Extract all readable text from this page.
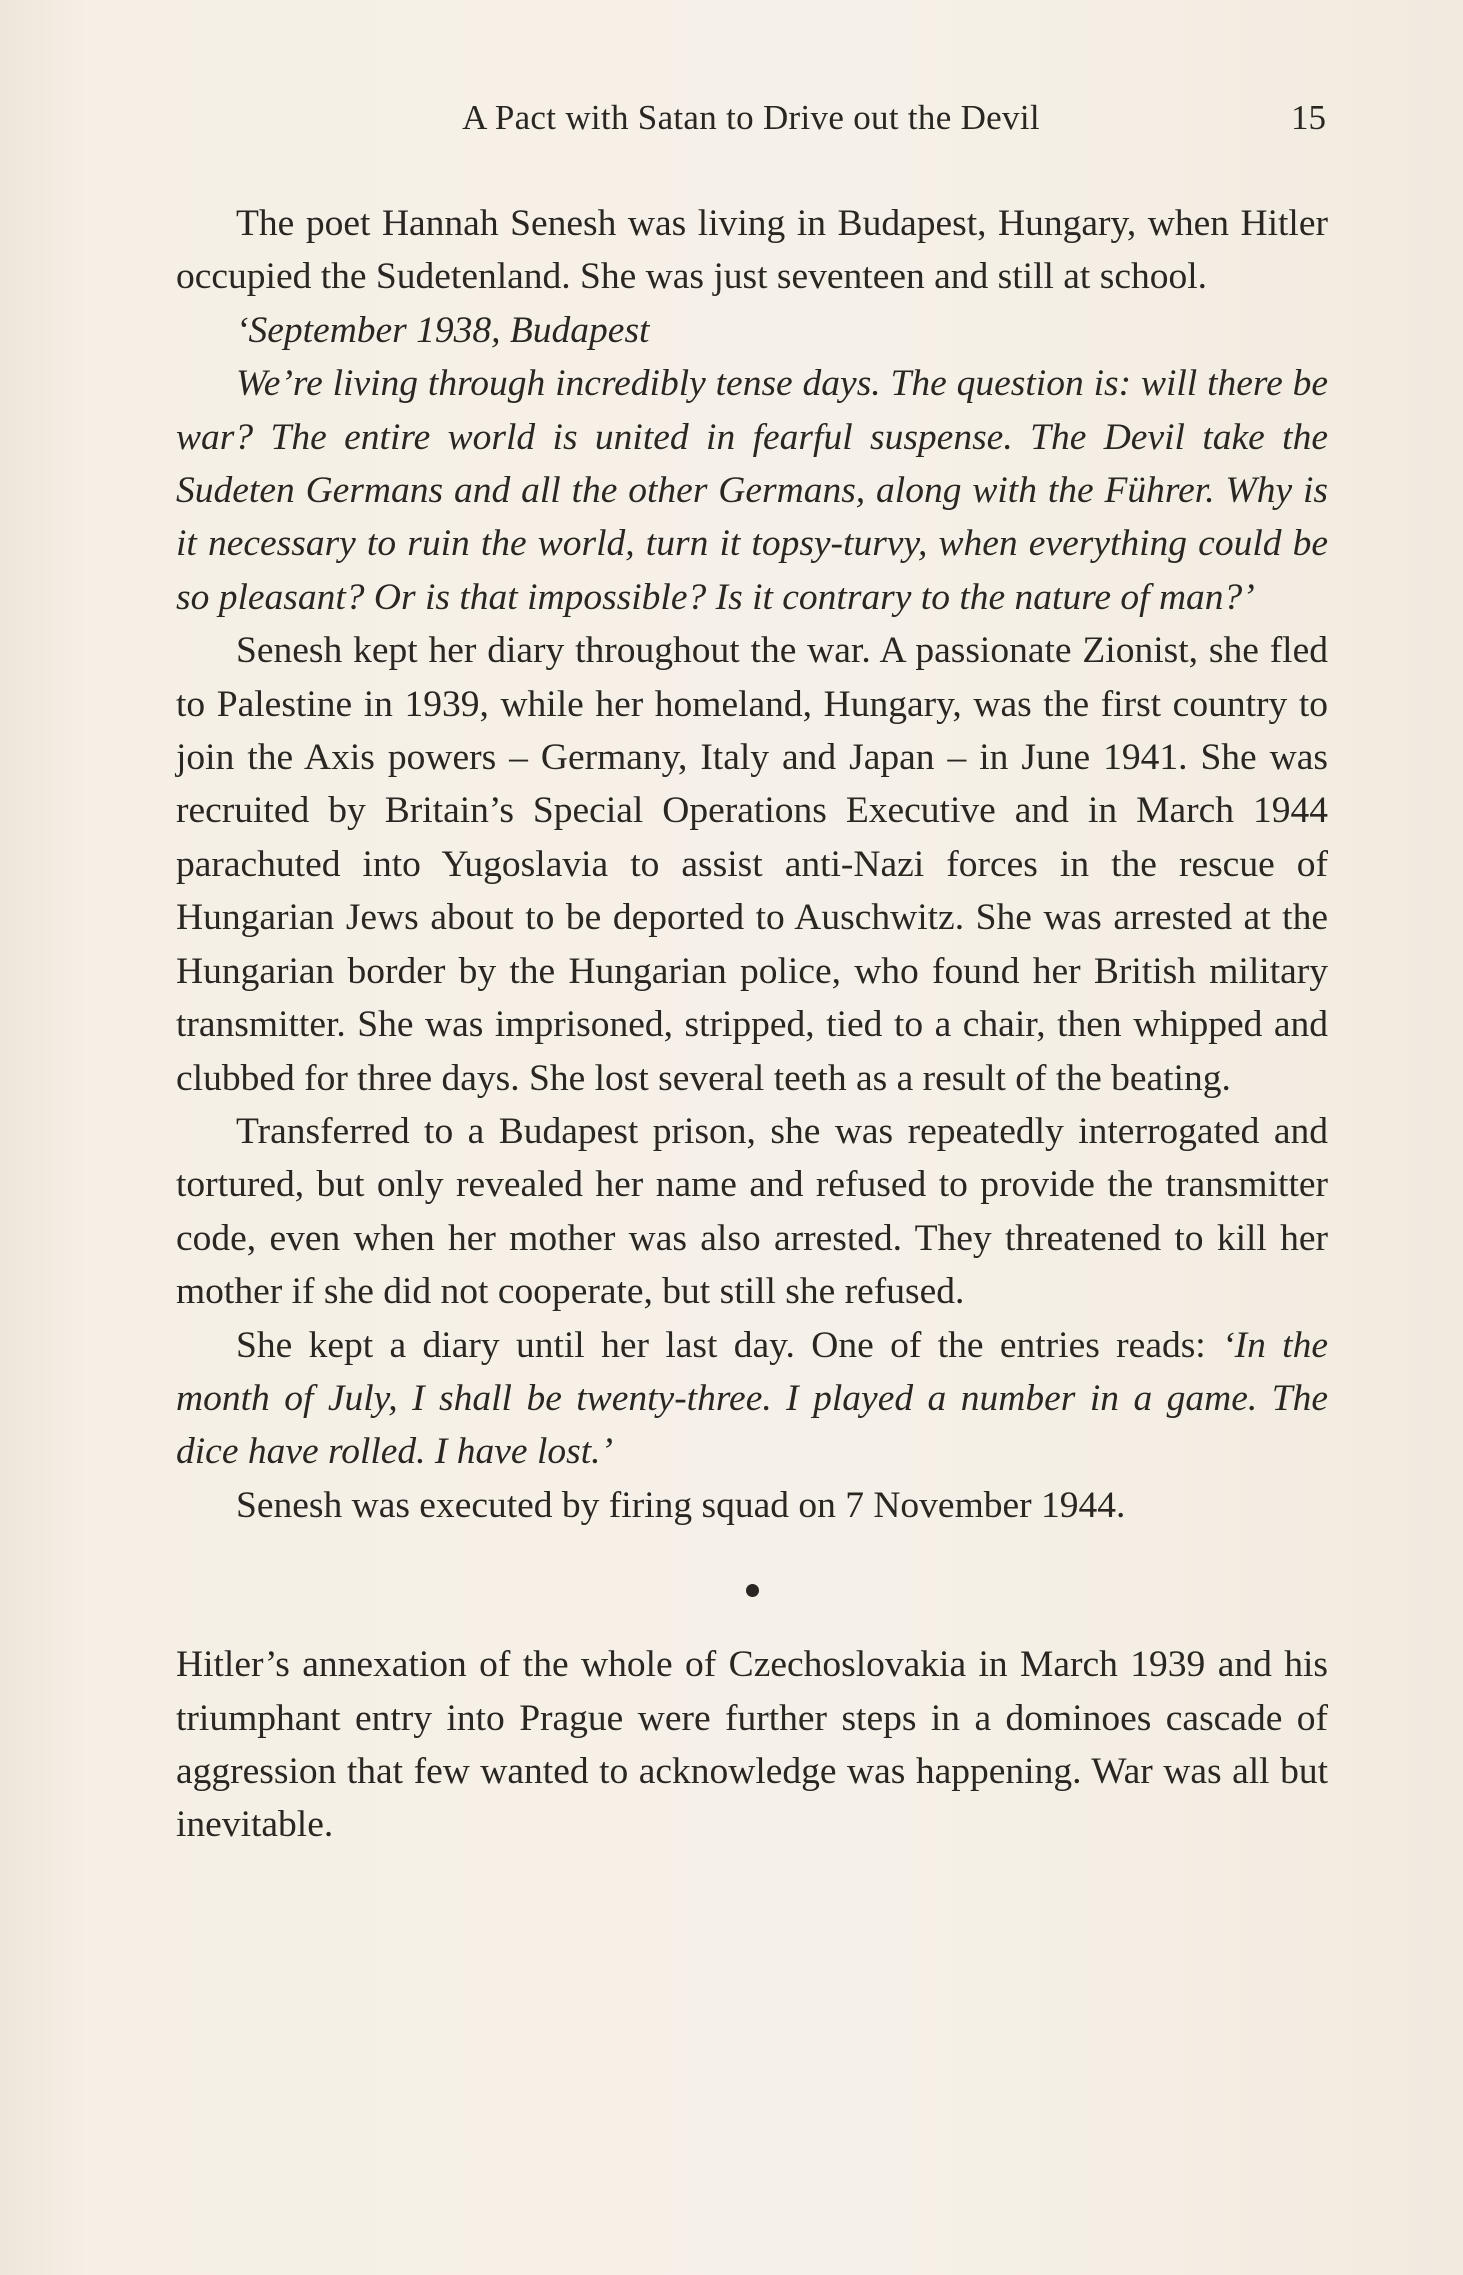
A Pact with Satan to Drive out the Devil	15

The poet Hannah Senesh was living in Budapest, Hungary, when Hitler occupied the Sudetenland. She was just seventeen and still at school.

‘September 1938, Budapest

We’re living through incredibly tense days. The question is: will there be war? The entire world is united in fearful suspense. The Devil take the Sudeten Germans and all the other Germans, along with the Führer. Why is it necessary to ruin the world, turn it topsy-turvy, when everything could be so pleasant? Or is that impossible? Is it contrary to the nature of man?’

Senesh kept her diary throughout the war. A passionate Zionist, she fled to Palestine in 1939, while her homeland, Hungary, was the first country to join the Axis powers – Germany, Italy and Japan – in June 1941. She was recruited by Britain’s Special Operations Executive and in March 1944 parachuted into Yugoslavia to assist anti-Nazi forces in the rescue of Hungarian Jews about to be deported to Auschwitz. She was arrested at the Hungarian border by the Hungarian police, who found her British military transmitter. She was imprisoned, stripped, tied to a chair, then whipped and clubbed for three days. She lost several teeth as a result of the beating.

Transferred to a Budapest prison, she was repeatedly interrogated and tortured, but only revealed her name and refused to provide the transmitter code, even when her mother was also arrested. They threatened to kill her mother if she did not cooperate, but still she refused.

She kept a diary until her last day. One of the entries reads: ‘In the month of July, I shall be twenty-three. I played a number in a game. The dice have rolled. I have lost.’

Senesh was executed by firing squad on 7 November 1944.

Hitler’s annexation of the whole of Czechoslovakia in March 1939 and his triumphant entry into Prague were further steps in a dominoes cascade of aggression that few wanted to acknowledge was happening. War was all but inevitable.
